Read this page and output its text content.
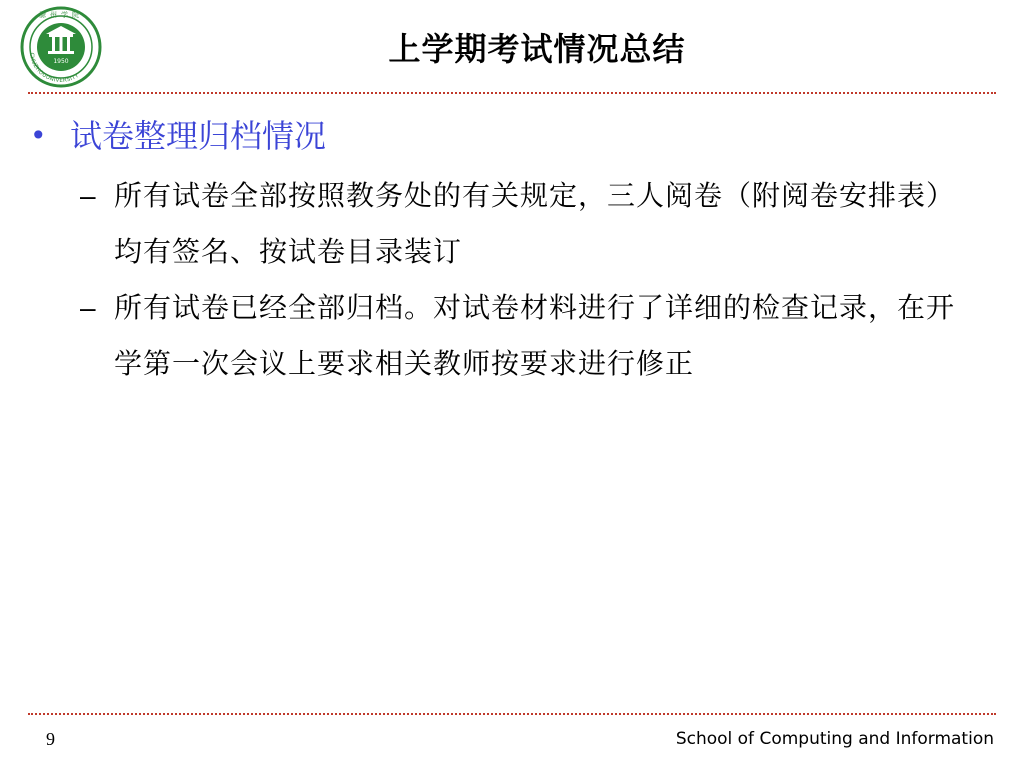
1950
滁州学院
CHUZHOUUNIVERSITY
上学期考试情况总结
• 试卷整理归档情况
– 所有试卷全部按照教务处的有关规定，三人阅卷（附阅卷安排表）均有签名、按试卷目录装订
– 所有试卷已经全部归档。对试卷材料进行了详细的检查记录，在开学第一次会议上要求相关教师按要求进行修正
9	School of Computing and Information
